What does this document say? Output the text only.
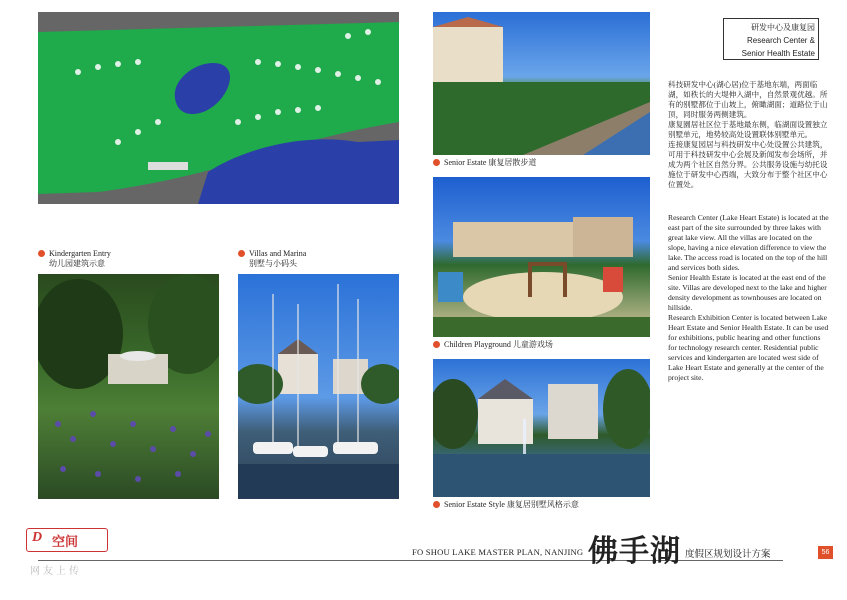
Senior Estate 康复居散步道
研发中心及康复园
Research Center &
Senior Health Estate
科技研发中心(湖心居)位于基地东端，两面临湖，如秩长的大堤伸入湖中，自然景观优越。所有的别墅都位于山坡上，俯瞰湖面；道路位于山顶，同时服务两侧建筑。
康复園居社区位于基地最东侧，临湖面设置独立别墅单元，地势较高处设置联体别墅单元。
连接康复园居与科技研发中心处设置公共建筑，可用于科技研发中心会展及新闻发布会场所，并成为两个社区自然分界。公共服务设施与幼托设施位于研发中心西端，大致分布于整个社区中心位置处。
Research Center (Lake Heart Estate) is located at the east part of the site surrounded by three lakes with great lake view. All the villas are located on the slope, having a nice elevation difference to view the lake. The access road is located on the top of the hill and services both sides.
Senior Health Estate is located at the east end of the site. Villas are developed next to the lake and higher density development as townhouses are located on hillside.
Research Exhibition Center is located between Lake Heart Estate and Senior Health Estate. It can be used for exhibitions, public hearing and other functions for technology research center. Residential public services and kindergarten are located west side of Lake Heart Estate and generally at the center of the project site.
Kindergarten Entry
幼儿园建筑示意
Villas and Marina
别墅与小码头
Children Playground 儿童游戏场
Senior Estate Style 康复居别墅风格示意
空间
D
网友上传
FO SHOU LAKE MASTER PLAN, NANJING 佛手湖 度假区规划设计方案	56
